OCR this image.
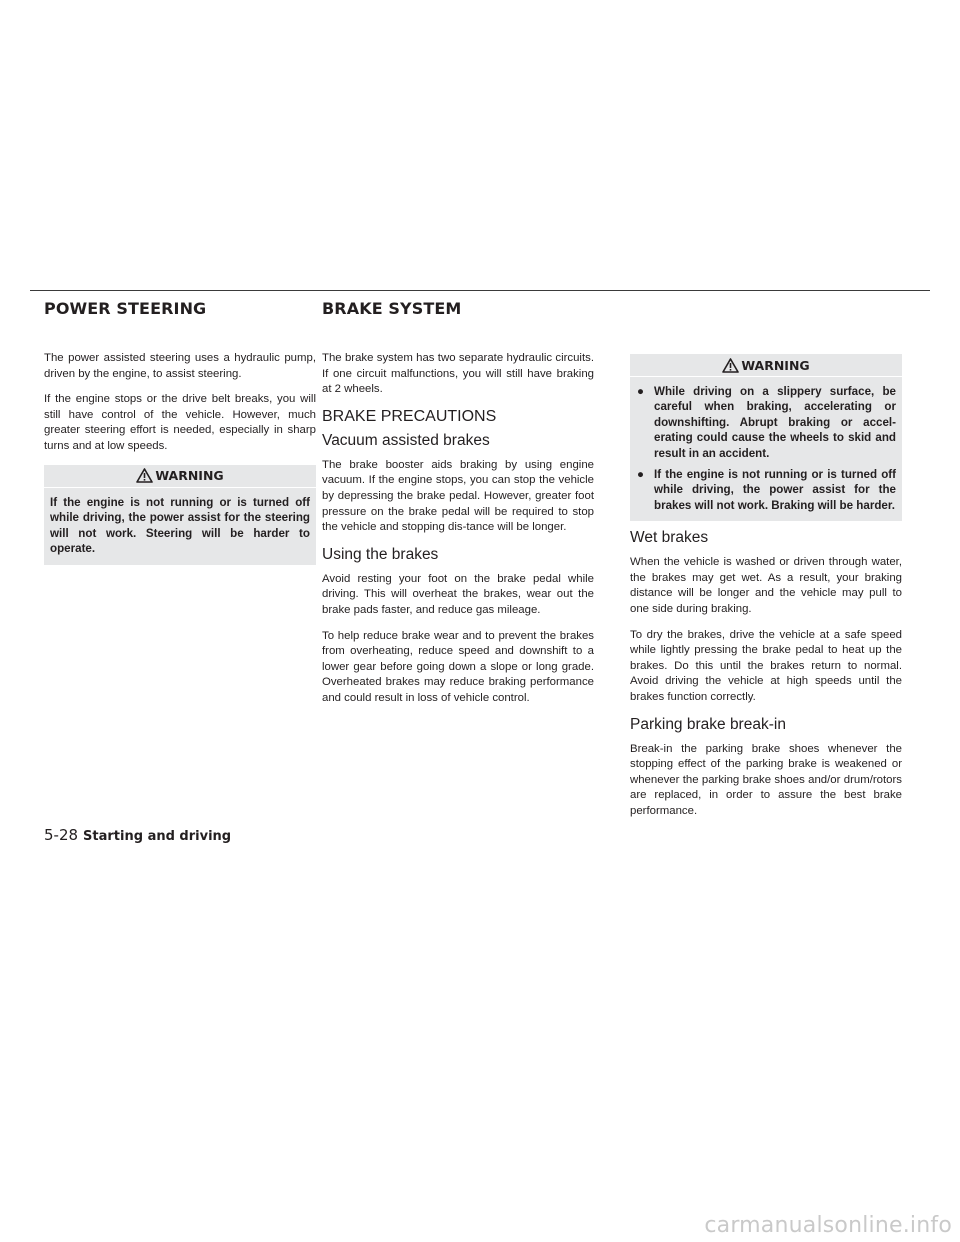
POWER STEERING	BRAKE SYSTEM

The power assisted steering uses a hydraulic pump, driven by the engine, to assist steering.

If the engine stops or the drive belt breaks, you will still have control of the vehicle. However, much greater steering effort is needed, especially in sharp turns and at low speeds.

WARNING
If the engine is not running or is turned off while driving, the power assist for the steering will not work. Steering will be harder to operate.

The brake system has two separate hydraulic circuits. If one circuit malfunctions, you will still have braking at 2 wheels.

BRAKE PRECAUTIONS
Vacuum assisted brakes

The brake booster aids braking by using engine vacuum. If the engine stops, you can stop the vehicle by depressing the brake pedal. However, greater foot pressure on the brake pedal will be required to stop the vehicle and stopping dis-tance will be longer.

Using the brakes

Avoid resting your foot on the brake pedal while driving. This will overheat the brakes, wear out the brake pads faster, and reduce gas mileage.

To help reduce brake wear and to prevent the brakes from overheating, reduce speed and downshift to a lower gear before going down a slope or long grade. Overheated brakes may reduce braking performance and could result in loss of vehicle control.

WARNING
● While driving on a slippery surface, be careful when braking, accelerating or downshifting. Abrupt braking or accel-erating could cause the wheels to skid and result in an accident.
● If the engine is not running or is turned off while driving, the power assist for the brakes will not work. Braking will be harder.
Wet brakes

When the vehicle is washed or driven through water, the brakes may get wet. As a result, your braking distance will be longer and the vehicle may pull to one side during braking.

To dry the brakes, drive the vehicle at a safe speed while lightly pressing the brake pedal to heat up the brakes. Do this until the brakes return to normal. Avoid driving the vehicle at high speeds until the brakes function correctly.

Parking brake break-in

Break-in the parking brake shoes whenever the stopping effect of the parking brake is weakened or whenever the parking brake shoes and/or drum/rotors are replaced, in order to assure the best brake performance.

5-28 Starting and driving
carmanualsonline.info
